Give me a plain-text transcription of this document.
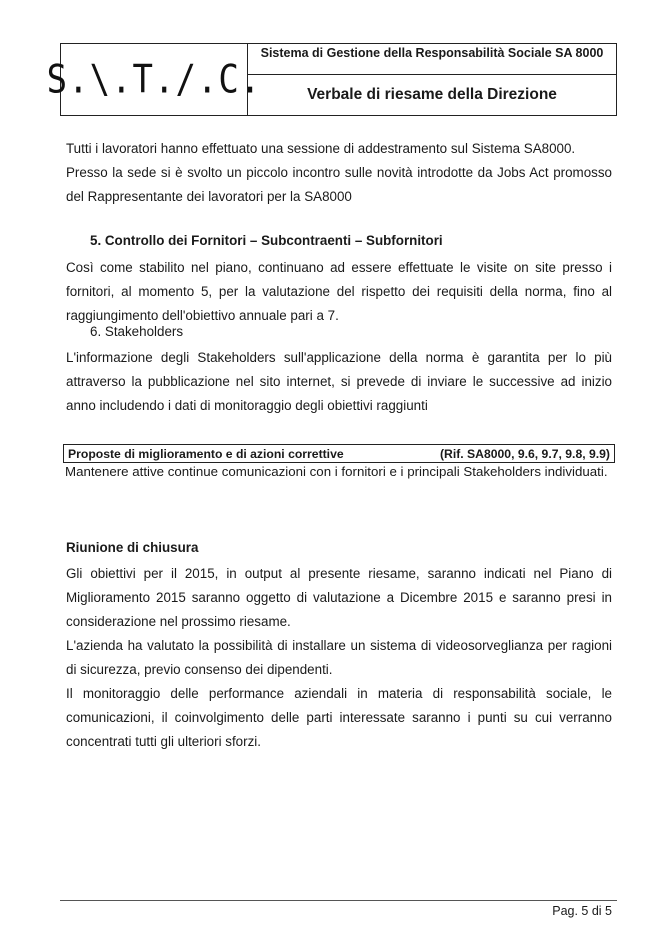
S.\.T./.C.
Sistema di Gestione della Responsabilità Sociale SA 8000
Verbale di riesame della Direzione

Tutti i lavoratori hanno effettuato una sessione di addestramento sul Sistema SA8000.

Presso la sede si è svolto un piccolo incontro sulle novità introdotte da Jobs Act promosso del Rappresentante dei lavoratori per la SA8000

5. Controllo dei Fornitori – Subcontraenti – Subfornitori
Così come stabilito nel piano, continuano ad essere effettuate le visite on site presso i fornitori, al momento 5, per la valutazione del rispetto dei requisiti della norma, fino al raggiungimento dell'obiettivo annuale pari a 7.
6. Stakeholders
L'informazione degli Stakeholders sull'applicazione della norma è garantita per lo più attraverso la pubblicazione nel sito internet, si prevede di inviare le successive ad inizio anno includendo i dati di monitoraggio degli obiettivi raggiunti
Proposte di miglioramento e di azioni correttive	(Rif. SA8000, 9.6, 9.7, 9.8, 9.9)
Mantenere attive continue comunicazioni con i fornitori e i principali Stakeholders individuati.
Riunione di chiusura

Gli obiettivi per il 2015, in output al presente riesame, saranno indicati nel Piano di Miglioramento 2015 saranno oggetto di valutazione a Dicembre 2015 e saranno presi in considerazione nel prossimo riesame.

L'azienda ha valutato la possibilità di installare un sistema di videosorveglianza per ragioni di sicurezza, previo consenso dei dipendenti.

Il monitoraggio delle performance aziendali in materia di responsabilità sociale, le comunicazioni, il coinvolgimento delle parti interessate saranno i punti su cui verranno concentrati tutti gli ulteriori sforzi.

Pag. 5 di 5
